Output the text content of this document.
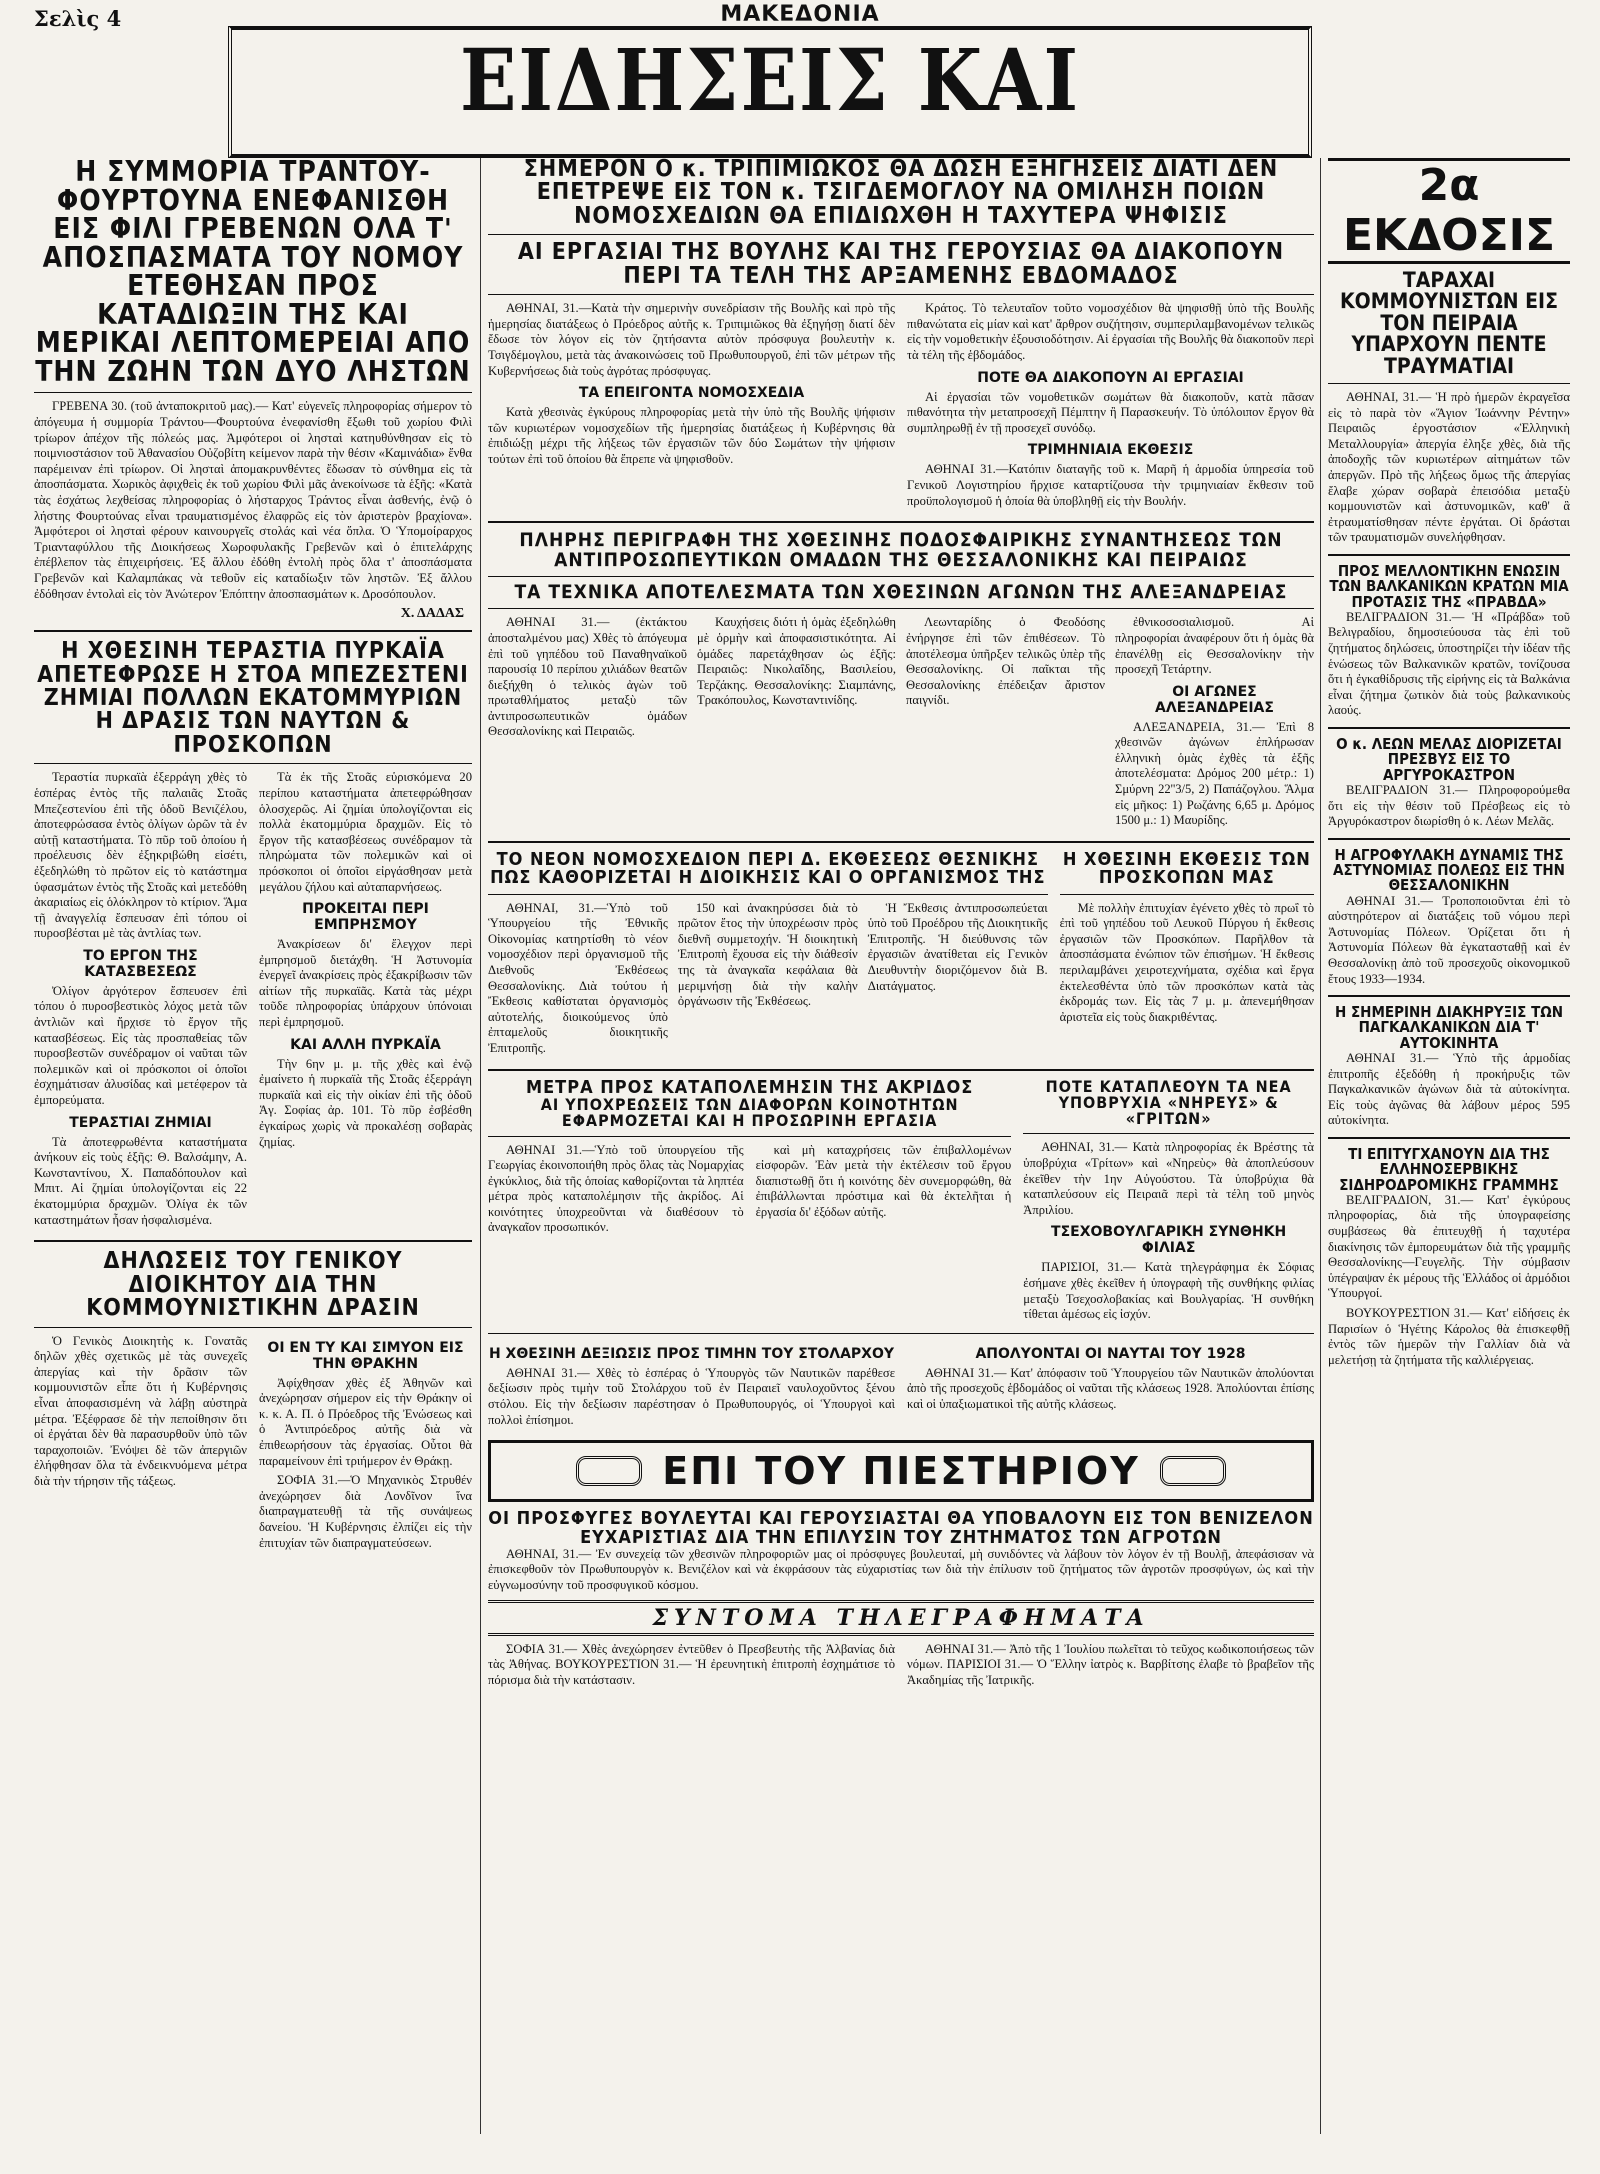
Σελὶς 4	ΜΑΚΕΔΟΝΙΑ
ΕΙΔΗΣΕΙΣ ΚΑΙ

Η ΣΥΜΜΟΡΙΑ ΤΡΑΝΤΟΥ-ΦΟΥΡΤΟΥΝΑ ΕΝΕΦΑΝΙΣΘΗ ΕΙΣ ΦΙΛΙ ΓΡΕΒΕΝΩΝ ΟΛΑ Τ' ΑΠΟΣΠΑΣΜΑΤΑ ΤΟΥ ΝΟΜΟΥ ΕΤΕΘΗΣΑΝ ΠΡΟΣ ΚΑΤΑΔΙΩΞΙΝ ΤΗΣ ΚΑΙ ΜΕΡΙΚΑΙ ΛΕΠΤΟΜΕΡΕΙΑΙ ΑΠΟ ΤΗΝ ΖΩΗΝ ΤΩΝ ΔΥΟ ΛΗΣΤΩΝ

ΓΡΕΒΕΝΑ 30. (τοῦ ἀνταποκριτοῦ μας).— Κατ' εὐγενεῖς πληροφορίας σήμερον τὸ ἀπόγευμα ἡ συμμορία Τράντου—Φουρτούνα ἐνεφανίσθη ἔξωθι τοῦ χωρίου Φιλὶ τρίωρον ἀπέχον τῆς πόλεώς μας. Ἀμφότεροι οἱ λησταὶ κατηυθύνθησαν εἰς τὸ ποιμνιοστάσιον τοῦ Ἀθανασίου Οὐζοβίτη κείμενον παρὰ τὴν θέσιν «Καμινάδια» ἔνθα παρέμειναν ἐπὶ τρίωρον. Οἱ λησταὶ ἀπομακρυνθέντες ἔδωσαν τὸ σύνθημα εἰς τὰ ἀποσπάσματα. Χωρικὸς ἀφιχθεὶς ἐκ τοῦ χωρίου Φιλὶ μᾶς ἀνεκοίνωσε τὰ ἑξῆς: «Κατὰ τὰς ἐσχάτως λεχθείσας πληροφορίας ὁ λήσταρχος Τράντος εἶναι ἀσθενής, ἐνῷ ὁ λήστης Φουρτούνας εἶναι τραυματισμένος ἐλαφρῶς εἰς τὸν ἀριστερὸν βραχίονα». Ἀμφότεροι οἱ λησταὶ φέρουν καινουργεῖς στολάς καὶ νέα ὅπλα. Ὁ Ὑπομοίραρχος Τριανταφύλλου τῆς Διοικήσεως Χωροφυλακῆς Γρεβενῶν καὶ ὁ ἐπιτελάρχης ἐπέβλεπον τὰς ἐπιχειρήσεις. Ἐξ ἄλλου ἐδόθη ἐντολὴ πρὸς ὅλα τ' ἀποσπάσματα Γρεβενῶν καὶ Καλαμπάκας νὰ τεθοῦν εἰς καταδίωξιν τῶν ληστῶν. Ἐξ ἄλλου ἐδόθησαν ἐντολαὶ εἰς τὸν Ἀνώτερον Ἐπόπτην ἀποσπασμάτων κ. Δροσόπουλον.

Χ. ΔΑΔΑΣ

Η ΧΘΕΣΙΝΗ ΤΕΡΑΣΤΙΑ ΠΥΡΚΑΪΑ ΑΠΕΤΕΦΡΩΣΕ Η ΣΤΟΑ ΜΠΕΖΕΣΤΕΝΙ ΖΗΜΙΑΙ ΠΟΛΛΩΝ ΕΚΑΤΟΜΜΥΡΙΩΝ Η ΔΡΑΣΙΣ ΤΩΝ ΝΑΥΤΩΝ & ΠΡΟΣΚΟΠΩΝ

Τεραστία πυρκαϊὰ ἐξερράγη χθὲς τὸ ἑσπέρας ἐντὸς τῆς παλαιᾶς Στοᾶς Μπεζεστενίου ἐπὶ τῆς ὁδοῦ Βενιζέλου, ἀποτεφρώσασα ἐντὸς ὀλίγων ὡρῶν τὰ ἐν αὐτῇ καταστήματα. Τὸ πῦρ τοῦ ὁποίου ἡ προέλευσις δὲν ἐξηκριβώθη εἰσέτι, ἐξεδηλώθη τὸ πρῶτον εἰς τὸ κατάστημα ὑφασμάτων ἐντὸς τῆς Στοᾶς καὶ μετεδόθη ἀκαριαίως εἰς ὁλόκληρον τὸ κτίριον. Ἅμα τῇ ἀναγγελίᾳ ἔσπευσαν ἐπὶ τόπου οἱ πυροσβέσται μὲ τὰς ἀντλίας των.

ΤΟ ΕΡΓΟΝ ΤΗΣ ΚΑΤΑΣΒΕΣΕΩΣ

Ὀλίγον ἀργότερον ἔσπευσεν ἐπὶ τόπου ὁ πυροσβεστικὸς λόχος μετὰ τῶν ἀντλιῶν καὶ ἤρχισε τὸ ἔργον τῆς κατασβέσεως. Εἰς τὰς προσπαθείας τῶν πυροσβεστῶν συνέδραμον οἱ ναῦται τῶν πολεμικῶν καὶ οἱ πρόσκοποι οἱ ὁποῖοι ἐσχημάτισαν ἀλυσίδας καὶ μετέφερον τὰ ἐμπορεύματα.

ΤΕΡΑΣΤΙΑΙ ΖΗΜΙΑΙ

Τὰ ἀποτεφρωθέντα καταστήματα ἀνήκουν εἰς τοὺς ἑξῆς: Θ. Βαλσάμην, Α. Κωνσταντίνου, Χ. Παπαδόπουλον καὶ Μπιτ. Αἱ ζημίαι ὑπολογίζονται εἰς 22 ἑκατομμύρια δραχμῶν. Ὀλίγα ἐκ τῶν καταστημάτων ἦσαν ἠσφαλισμένα.

Τὰ ἐκ τῆς Στοᾶς εὑρισκόμενα 20 περίπου καταστήματα ἀπετεφρώθησαν ὁλοσχερῶς. Αἱ ζημίαι ὑπολογίζονται εἰς πολλὰ ἑκατομμύρια δραχμῶν. Εἰς τὸ ἔργον τῆς κατασβέσεως συνέδραμον τὰ πληρώματα τῶν πολεμικῶν καὶ οἱ πρόσκοποι οἱ ὁποῖοι εἰργάσθησαν μετὰ μεγάλου ζήλου καὶ αὐταπαρνήσεως.

ΠΡΟΚΕΙΤΑΙ ΠΕΡΙ ΕΜΠΡΗΣΜΟΥ

Ἀνακρίσεων δι' ἔλεγχον περὶ ἐμπρησμοῦ διετάχθη. Ἡ Ἀστυνομία ἐνεργεῖ ἀνακρίσεις πρὸς ἐξακρίβωσιν τῶν αἰτίων τῆς πυρκαϊᾶς. Κατὰ τὰς μέχρι τοῦδε πληροφορίας ὑπάρχουν ὑπόνοιαι περὶ ἐμπρησμοῦ.

ΚΑΙ ΑΛΛΗ ΠΥΡΚΑΪΑ

Τὴν 6ην μ. μ. τῆς χθὲς καὶ ἐνῷ ἐμαίνετο ἡ πυρκαϊὰ τῆς Στοᾶς ἐξερράγη πυρκαϊὰ καὶ εἰς τὴν οἰκίαν ἐπὶ τῆς ὁδοῦ Ἁγ. Σοφίας ἀρ. 101. Τὸ πῦρ ἐσβέσθη ἐγκαίρως χωρὶς νὰ προκαλέσῃ σοβαρὰς ζημίας.

ΔΗΛΩΣΕΙΣ ΤΟΥ ΓΕΝΙΚΟΥ ΔΙΟΙΚΗΤΟΥ ΔΙΑ ΤΗΝ ΚΟΜΜΟΥΝΙΣΤΙΚΗΝ ΔΡΑΣΙΝ

Ὁ Γενικὸς Διοικητὴς κ. Γονατᾶς δηλῶν χθὲς σχετικῶς μὲ τὰς συνεχεῖς ἀπεργίας καὶ τὴν δρᾶσιν τῶν κομμουνιστῶν εἶπε ὅτι ἡ Κυβέρνησις εἶναι ἀποφασισμένη νὰ λάβῃ αὐστηρὰ μέτρα. Ἐξέφρασε δὲ τὴν πεποίθησιν ὅτι οἱ ἐργάται δὲν θὰ παρασυρθοῦν ὑπὸ τῶν ταραχοποιῶν. Ἐνόψει δὲ τῶν ἀπεργιῶν ἐλήφθησαν ὅλα τὰ ἐνδεικνυόμενα μέτρα διὰ τὴν τήρησιν τῆς τάξεως.

ΟΙ ΕΝ ΤΥ ΚΑΙ ΣΙΜΥΟΝ ΕΙΣ ΤΗΝ ΘΡΑΚΗΝ

Ἀφίχθησαν χθὲς ἐξ Ἀθηνῶν καὶ ἀνεχώρησαν σήμερον εἰς τὴν Θράκην οἱ κ. κ. Α. Π. ὁ Πρόεδρος τῆς Ἐνώσεως καὶ ὁ Ἀντιπρόεδρος αὐτῆς διὰ νὰ ἐπιθεωρήσουν τὰς ἐργασίας. Οὗτοι θὰ παραμείνουν ἐπὶ τριήμερον ἐν Θράκῃ.

ΣΟΦΙΑ 31.—Ὁ Μηχανικὸς Στρυθέν ἀνεχώρησεν διὰ Λονδῖνον ἵνα διαπραγματευθῇ τὰ τῆς συνάψεως δανείου. Ἡ Κυβέρνησις ἐλπίζει εἰς τὴν ἐπιτυχίαν τῶν διαπραγματεύσεων.

ΣΗΜΕΡΟΝ Ο κ. ΤΡΙΠΙΜΙΩΚΟΣ ΘΑ ΔΩΣΗ ΕΞΗΓΗΣΕΙΣ ΔΙΑΤΙ ΔΕΝ ΕΠΕΤΡΕΨΕ ΕΙΣ ΤΟΝ κ. ΤΣΙΓΔΕΜΟΓΛΟΥ ΝΑ ΟΜΙΛΗΣΗ ΠΟΙΩΝ ΝΟΜΟΣΧΕΔΙΩΝ ΘΑ ΕΠΙΔΙΩΧΘΗ Η ΤΑΧΥΤΕΡΑ ΨΗΦΙΣΙΣ

ΑΙ ΕΡΓΑΣΙΑΙ ΤΗΣ ΒΟΥΛΗΣ ΚΑΙ ΤΗΣ ΓΕΡΟΥΣΙΑΣ ΘΑ ΔΙΑΚΟΠΟΥΝ ΠΕΡΙ ΤΑ ΤΕΛΗ ΤΗΣ ΑΡΞΑΜΕΝΗΣ ΕΒΔΟΜΑΔΟΣ

ΑΘΗΝΑΙ, 31.—Κατὰ τὴν σημερινὴν συνεδρίασιν τῆς Βουλῆς καὶ πρὸ τῆς ἡμερησίας διατάξεως ὁ Πρόεδρος αὐτῆς κ. Τριπιμιῶκος θὰ ἐξηγήσῃ διατί δὲν ἔδωσε τὸν λόγον εἰς τὸν ζητήσαντα αὐτὸν πρόσφυγα βουλευτὴν κ. Τσιγδέμογλου, μετὰ τὰς ἀνακοινώσεις τοῦ Πρωθυπουργοῦ, ἐπὶ τῶν μέτρων τῆς Κυβερνήσεως διὰ τοὺς ἀγρότας πρόσφυγας.

ΤΑ ΕΠΕΙΓΟΝΤΑ ΝΟΜΟΣΧΕΔΙΑ

Κατὰ χθεσινὰς ἐγκύρους πληροφορίας μετὰ τὴν ὑπὸ τῆς Βουλῆς ψήφισιν τῶν κυριωτέρων νομοσχεδίων τῆς ἡμερησίας διατάξεως ἡ Κυβέρνησις θὰ ἐπιδιώξῃ μέχρι τῆς λήξεως τῶν ἐργασιῶν τῶν δύο Σωμάτων τὴν ψήφισιν τούτων ἐπὶ τοῦ ὁποίου θὰ ἔπρεπε νὰ ψηφισθοῦν.

Κράτος. Τὸ τελευταῖον τοῦτο νομοσχέδιον θὰ ψηφισθῇ ὑπὸ τῆς Βουλῆς πιθανώτατα εἰς μίαν καὶ κατ' ἄρθρον συζήτησιν, συμπεριλαμβανομένων τελικῶς εἰς τὴν νομοθετικὴν ἐξουσιοδότησιν. Αἱ ἐργασίαι τῆς Βουλῆς θὰ διακοποῦν περὶ τὰ τέλη τῆς ἑβδομάδος.

ΠΟΤΕ ΘΑ ΔΙΑΚΟΠΟΥΝ ΑΙ ΕΡΓΑΣΙΑΙ

Αἱ ἐργασίαι τῶν νομοθετικῶν σωμάτων θὰ διακοποῦν, κατὰ πᾶσαν πιθανότητα τὴν μεταπροσεχῆ Πέμπτην ἢ Παρασκευήν. Τὸ ὑπόλοιπον ἔργον θὰ συμπληρωθῇ ἐν τῇ προσεχεῖ συνόδῳ.

ΤΡΙΜΗΝΙΑΙΑ ΕΚΘΕΣΙΣ

ΑΘΗΝΑΙ 31.—Κατόπιν διαταγῆς τοῦ κ. Μαρῆ ἡ ἁρμοδία ὑπηρεσία τοῦ Γενικοῦ Λογιστηρίου ἤρχισε καταρτίζουσα τὴν τριμηνιαίαν ἔκθεσιν τοῦ προϋπολογισμοῦ ἡ ὁποία θὰ ὑποβληθῇ εἰς τὴν Βουλήν.

ΠΛΗΡΗΣ ΠΕΡΙΓΡΑΦΗ ΤΗΣ ΧΘΕΣΙΝΗΣ ΠΟΔΟΣΦΑΙΡΙΚΗΣ ΣΥΝΑΝΤΗΣΕΩΣ ΤΩΝ ΑΝΤΙΠΡΟΣΩΠΕΥΤΙΚΩΝ ΟΜΑΔΩΝ ΤΗΣ ΘΕΣΣΑΛΟΝΙΚΗΣ ΚΑΙ ΠΕΙΡΑΙΩΣ

ΤΑ ΤΕΧΝΙΚΑ ΑΠΟΤΕΛΕΣΜΑΤΑ ΤΩΝ ΧΘΕΣΙΝΩΝ ΑΓΩΝΩΝ ΤΗΣ ΑΛΕΞΑΝΔΡΕΙΑΣ

ΑΘΗΝΑΙ 31.— (ἐκτάκτου ἀποσταλμένου μας) Χθὲς τὸ ἀπόγευμα ἐπὶ τοῦ γηπέδου τοῦ Παναθηναϊκοῦ παρουσίᾳ 10 περίπου χιλιάδων θεατῶν διεξήχθη ὁ τελικὸς ἀγὼν τοῦ πρωταθλήματος μεταξὺ τῶν ἀντιπροσωπευτικῶν ὁμάδων Θεσσαλονίκης καὶ Πειραιῶς.

Καυχήσεις διότι ἡ ὁμὰς ἐξεδηλώθη μὲ ὁρμὴν καὶ ἀποφασιστικότητα. Αἱ ὁμάδες παρετάχθησαν ὡς ἑξῆς: Πειραιῶς: Νικολαΐδης, Βασιλείου, Τερζάκης. Θεσσαλονίκης: Σιαμπάνης, Τρακόπουλος, Κωνσταντινίδης.

Λεωνταρίδης ὁ Φεοδόσης ἐνήργησε ἐπὶ τῶν ἐπιθέσεων. Τὸ ἀποτέλεσμα ὑπῆρξεν τελικῶς ὑπὲρ τῆς Θεσσαλονίκης. Οἱ παῖκται τῆς Θεσσαλονίκης ἐπέδειξαν ἄριστον παιγνίδι.

ἐθνικοσοσιαλισμοῦ. Αἱ πληροφορίαι ἀναφέρουν ὅτι ἡ ὁμὰς θὰ ἐπανέλθῃ εἰς Θεσσαλονίκην τὴν προσεχῆ Τετάρτην.

ΟΙ ΑΓΩΝΕΣ ΑΛΕΞΑΝΔΡΕΙΑΣ

ΑΛΕΞΑΝΔΡΕΙΑ, 31.— Ἐπὶ 8 χθεσινῶν ἀγώνων ἐπλήρωσαν ἑλληνικὴ ὁμὰς ἐχθὲς τὰ ἑξῆς ἀποτελέσματα: Δρόμος 200 μέτρ.: 1) Σμύρνη 22''3/5, 2) Παπάζογλου. Ἅλμα εἰς μῆκος: 1) Ρωζάνης 6,65 μ. Δρόμος 1500 μ.: 1) Μαυρίδης.

ΤΟ ΝΕΟΝ ΝΟΜΟΣΧΕΔΙΟΝ ΠΕΡΙ Δ. ΕΚΘΕΣΕΩΣ ΘΕΣΝΙΚΗΣ ΠΩΣ ΚΑΘΟΡΙΖΕΤΑΙ Η ΔΙΟΙΚΗΣΙΣ ΚΑΙ Ο ΟΡΓΑΝΙΣΜΟΣ ΤΗΣ

ΑΘΗΝΑΙ, 31.—Ὑπὸ τοῦ Ὑπουργείου τῆς Ἐθνικῆς Οἰκονομίας κατηρτίσθη τὸ νέον νομοσχέδιον περὶ ὀργανισμοῦ τῆς Διεθνοῦς Ἐκθέσεως Θεσσαλονίκης. Διὰ τούτου ἡ Ἔκθεσις καθίσταται ὀργανισμὸς αὐτοτελής, διοικούμενος ὑπὸ ἐπταμελοῦς διοικητικῆς Ἐπιτροπῆς.

150 καὶ ἀνακηρύσσει διὰ τὸ πρῶτον ἔτος τὴν ὑποχρέωσιν πρὸς διεθνῆ συμμετοχήν. Ἡ διοικητικὴ Ἐπιτροπὴ ἔχουσα εἰς τὴν διάθεσίν της τὰ ἀναγκαῖα κεφάλαια θὰ μεριμνήσῃ διὰ τὴν καλὴν ὀργάνωσιν τῆς Ἐκθέσεως.

Ἡ Ἔκθεσις ἀντιπροσωπεύεται ὑπὸ τοῦ Προέδρου τῆς Διοικητικῆς Ἐπιτροπῆς. Ἡ διεύθυνσις τῶν ἐργασιῶν ἀνατίθεται εἰς Γενικὸν Διευθυντὴν διοριζόμενον διὰ Β. Διατάγματος.

Η ΧΘΕΣΙΝΗ ΕΚΘΕΣΙΣ ΤΩΝ ΠΡΟΣΚΟΠΩΝ ΜΑΣ

Μὲ πολλὴν ἐπιτυχίαν ἐγένετο χθὲς τὸ πρωΐ τὸ ἐπὶ τοῦ γηπέδου τοῦ Λευκοῦ Πύργου ἡ ἔκθεσις ἐργασιῶν τῶν Προσκόπων. Παρῆλθον τὰ ἀποσπάσματα ἐνώπιον τῶν ἐπισήμων. Ἡ ἔκθεσις περιλαμβάνει χειροτεχνήματα, σχέδια καὶ ἔργα ἐκτελεσθέντα ὑπὸ τῶν προσκόπων κατὰ τὰς ἐκδρομάς των. Εἰς τὰς 7 μ. μ. ἀπενεμήθησαν ἀριστεῖα εἰς τοὺς διακριθέντας.

ΜΕΤΡΑ ΠΡΟΣ ΚΑΤΑΠΟΛΕΜΗΣΙΝ ΤΗΣ ΑΚΡΙΔΟΣ

ΑΙ ΥΠΟΧΡΕΩΣΕΙΣ ΤΩΝ ΔΙΑΦΟΡΩΝ ΚΟΙΝΟΤΗΤΩΝ ΕΦΑΡΜΟΖΕΤΑΙ ΚΑΙ Η ΠΡΟΣΩΡΙΝΗ ΕΡΓΑΣΙΑ

ΑΘΗΝΑΙ 31.—Ὑπὸ τοῦ ὑπουργείου τῆς Γεωργίας ἐκοινοποιήθη πρὸς ὅλας τὰς Νομαρχίας ἐγκύκλιος, διὰ τῆς ὁποίας καθορίζονται τὰ ληπτέα μέτρα πρὸς καταπολέμησιν τῆς ἀκρίδος. Αἱ κοινότητες ὑποχρεοῦνται νὰ διαθέσουν τὸ ἀναγκαῖον προσωπικόν.

καὶ μὴ καταχρήσεις τῶν ἐπιβαλλομένων εἰσφορῶν. Ἐὰν μετὰ τὴν ἐκτέλεσιν τοῦ ἔργου διαπιστωθῇ ὅτι ἡ κοινότης δὲν συνεμορφώθη, θὰ ἐπιβάλλωνται πρόστιμα καὶ θὰ ἐκτελῆται ἡ ἐργασία δι' ἐξόδων αὐτῆς.

ΠΟΤΕ ΚΑΤΑΠΛΕΟΥΝ ΤΑ ΝΕΑ ΥΠΟΒΡΥΧΙΑ «ΝΗΡΕΥΣ» & «ΓΡΙΤΩΝ»

ΑΘΗΝΑΙ, 31.— Κατὰ πληροφορίας ἐκ Βρέστης τὰ ὑποβρύχια «Τρίτων» καὶ «Νηρεὺς» θὰ ἀποπλεύσουν ἐκεῖθεν τὴν 1ην Αὐγούστου. Τὰ ὑποβρύχια θὰ καταπλεύσουν εἰς Πειραιᾶ περὶ τὰ τέλη τοῦ μηνὸς Ἀπριλίου.

ΤΣΕΧΟΒΟΥΛΓΑΡΙΚΗ ΣΥΝΘΗΚΗ ΦΙΛΙΑΣ

ΠΑΡΙΣΙΟΙ, 31.— Κατὰ τηλεγράφημα ἐκ Σόφιας ἐσήμανε χθὲς ἐκεῖθεν ἡ ὑπογραφὴ τῆς συνθήκης φιλίας μεταξὺ Τσεχοσλοβακίας καὶ Βουλγαρίας. Ἡ συνθήκη τίθεται ἀμέσως εἰς ἰσχύν.

Η ΧΘΕΣΙΝΗ ΔΕΞΙΩΣΙΣ ΠΡΟΣ ΤΙΜΗΝ ΤΟΥ ΣΤΟΛΑΡΧΟΥ

ΑΘΗΝΑΙ 31.— Χθὲς τὸ ἑσπέρας ὁ Ὑπουργὸς τῶν Ναυτικῶν παρέθεσε δεξίωσιν πρὸς τιμὴν τοῦ Στολάρχου τοῦ ἐν Πειραιεῖ ναυλοχοῦντος ξένου στόλου. Εἰς τὴν δεξίωσιν παρέστησαν ὁ Πρωθυπουργός, οἱ Ὑπουργοὶ καὶ πολλοὶ ἐπίσημοι.

ΑΠΟΛΥΟΝΤΑΙ ΟΙ ΝΑΥΤΑΙ ΤΟΥ 1928

ΑΘΗΝΑΙ 31.— Κατ' ἀπόφασιν τοῦ Ὑπουργείου τῶν Ναυτικῶν ἀπολύονται ἀπὸ τῆς προσεχοῦς ἑβδομάδος οἱ ναῦται τῆς κλάσεως 1928. Ἀπολύονται ἐπίσης καὶ οἱ ὑπαξιωματικοὶ τῆς αὐτῆς κλάσεως.

ΕΠΙ ΤΟΥ ΠΙΕΣΤΗΡΙΟΥ

ΟΙ ΠΡΟΣΦΥΓΕΣ ΒΟΥΛΕΥΤΑΙ ΚΑΙ ΓΕΡΟΥΣΙΑΣΤΑΙ ΘΑ ΥΠΟΒΑΛΟΥΝ ΕΙΣ ΤΟΝ ΒΕΝΙΖΕΛΟΝ ΕΥΧΑΡΙΣΤΙΑΣ ΔΙΑ ΤΗΝ ΕΠΙΛΥΣΙΝ ΤΟΥ ΖΗΤΗΜΑΤΟΣ ΤΩΝ ΑΓΡΟΤΩΝ

ΑΘΗΝΑΙ, 31.— Ἐν συνεχείᾳ τῶν χθεσινῶν πληροφοριῶν μας οἱ πρόσφυγες βουλευταί, μὴ συνιδόντες νὰ λάβουν τὸν λόγον ἐν τῇ Βουλῇ, ἀπεφάσισαν νὰ ἐπισκεφθοῦν τὸν Πρωθυπουργὸν κ. Βενιζέλον καὶ νὰ ἐκφράσουν τὰς εὐχαριστίας των διὰ τὴν ἐπίλυσιν τοῦ ζητήματος τῶν ἀγροτῶν προσφύγων, ὡς καὶ τὴν εὐγνωμοσύνην τοῦ προσφυγικοῦ κόσμου.

ΣΥΝΤΟΜΑ ΤΗΛΕΓΡΑΦΗΜΑΤΑ

ΣΟΦΙΑ 31.— Χθὲς ἀνεχώρησεν ἐντεῦθεν ὁ Πρεσβευτὴς τῆς Ἀλβανίας διὰ τὰς Ἀθήνας. ΒΟΥΚΟΥΡΕΣΤΙΟΝ 31.— Ἡ ἐρευνητικὴ ἐπιτροπὴ ἐσχημάτισε τὸ πόρισμα διὰ τὴν κατάστασιν.

ΑΘΗΝΑΙ 31.— Ἀπὸ τῆς 1 Ἰουλίου πωλεῖται τὸ τεῦχος κωδικοποιήσεως τῶν νόμων. ΠΑΡΙΣΙΟΙ 31.— Ὁ Ἕλλην ἰατρὸς κ. Βαρβίτσης ἐλαβε τὸ βραβεῖον τῆς Ἀκαδημίας τῆς Ἰατρικῆς.

2α ΕΚΔΟΣΙΣ

ΤΑΡΑΧΑΙ ΚΟΜΜΟΥΝΙΣΤΩΝ ΕΙΣ ΤΟΝ ΠΕΙΡΑΙΑ ΥΠΑΡΧΟΥΝ ΠΕΝΤΕ ΤΡΑΥΜΑΤΙΑΙ

ΑΘΗΝΑΙ, 31.— Ἡ πρὸ ἡμερῶν ἐκραγεῖσα εἰς τὸ παρὰ τὸν «Ἅγιον Ἰωάννην Ρέντην» Πειραιῶς ἐργοστάσιον «Ἑλληνικὴ Μεταλλουργία» ἀπεργία ἐληξε χθὲς, διὰ τῆς ἀποδοχῆς τῶν κυριωτέρων αἰτημάτων τῶν ἀπεργῶν. Πρὸ τῆς λήξεως ὅμως τῆς ἀπεργίας ἔλαβε χώραν σοβαρὰ ἐπεισόδια μεταξὺ κομμουνιστῶν καὶ ἀστυνομικῶν, καθ' ἃ ἐτραυματίσθησαν πέντε ἐργάται. Οἱ δράσται τῶν τραυματισμῶν συνελήφθησαν.

ΠΡΟΣ ΜΕΛΛΟΝΤΙΚΗΝ ΕΝΩΣΙΝ ΤΩΝ ΒΑΛΚΑΝΙΚΩΝ ΚΡΑΤΩΝ ΜΙΑ ΠΡΟΤΑΣΙΣ ΤΗΣ «ΠΡΑΒΔΑ»

ΒΕΛΙΓΡΑΔΙΟΝ 31.— Ἡ «Πράβδα» τοῦ Βελιγραδίου, δημοσιεύουσα τὰς ἐπὶ τοῦ ζητήματος δηλώσεις, ὑποστηρίζει τὴν ἰδέαν τῆς ἑνώσεως τῶν Βαλκανικῶν κρατῶν, τονίζουσα ὅτι ἡ ἐγκαθίδρυσις τῆς εἰρήνης εἰς τὰ Βαλκάνια εἶναι ζήτημα ζωτικὸν διὰ τοὺς βαλκανικοὺς λαούς.

Ο κ. ΛΕΩΝ ΜΕΛΑΣ ΔΙΟΡΙΖΕΤΑΙ ΠΡΕΣΒΥΣ ΕΙΣ ΤΟ ΑΡΓΥΡΟΚΑΣΤΡΟΝ

ΒΕΛΙΓΡΑΔΙΟΝ 31.— Πληροφορούμεθα ὅτι εἰς τὴν θέσιν τοῦ Πρέσβεως εἰς τὸ Ἀργυρόκαστρον διωρίσθη ὁ κ. Λέων Μελᾶς.

Η ΑΓΡΟΦΥΛΑΚΗ ΔΥΝΑΜΙΣ ΤΗΣ ΑΣΤΥΝΟΜΙΑΣ ΠΟΛΕΩΣ ΕΙΣ ΤΗΝ ΘΕΣΣΑΛΟΝΙΚΗΝ

ΑΘΗΝΑΙ 31.— Τροποποιοῦνται ἐπὶ τὸ αὐστηρότερον αἱ διατάξεις τοῦ νόμου περὶ Ἀστυνομίας Πόλεων. Ὁρίζεται ὅτι ἡ Ἀστυνομία Πόλεων θὰ ἐγκατασταθῇ καὶ ἐν Θεσσαλονίκῃ ἀπὸ τοῦ προσεχοῦς οἰκονομικοῦ ἔτους 1933—1934.

Η ΣΗΜΕΡΙΝΗ ΔΙΑΚΗΡΥΞΙΣ ΤΩΝ ΠΑΓΚΑΛΚΑΝΙΚΩΝ ΔΙΑ Τ' ΑΥΤΟΚΙΝΗΤΑ

ΑΘΗΝΑΙ 31.— Ὑπὸ τῆς ἁρμοδίας ἐπιτροπῆς ἐξεδόθη ἡ προκήρυξις τῶν Παγκαλκανικῶν ἀγώνων διὰ τὰ αὐτοκίνητα. Εἰς τοὺς ἀγῶνας θὰ λάβουν μέρος 595 αὐτοκίνητα.

ΤΙ ΕΠΙΤΥΓΧΑΝΟΥΝ ΔΙΑ ΤΗΣ ΕΛΛΗΝΟΣΕΡΒΙΚΗΣ ΣΙΔΗΡΟΔΡΟΜΙΚΗΣ ΓΡΑΜΜΗΣ

ΒΕΛΙΓΡΑΔΙΟΝ, 31.— Κατ' ἐγκύρους πληροφορίας, διὰ τῆς ὑπογραφείσης συμβάσεως θὰ ἐπιτευχθῇ ἡ ταχυτέρα διακίνησις τῶν ἐμπορευμάτων διὰ τῆς γραμμῆς Θεσσαλονίκης—Γευγελῆς. Τὴν σύμβασιν ὑπέγραψαν ἐκ μέρους τῆς Ἑλλάδος οἱ ἁρμόδιοι Ὑπουργοί.

ΒΟΥΚΟΥΡΕΣΤΙΟΝ 31.— Κατ' εἰδήσεις ἐκ Παρισίων ὁ Ἡγέτης Κάρολος θὰ ἐπισκεφθῇ ἐντὸς τῶν ἡμερῶν τὴν Γαλλίαν διὰ νὰ μελετήσῃ τὰ ζητήματα τῆς καλλιέργειας.
